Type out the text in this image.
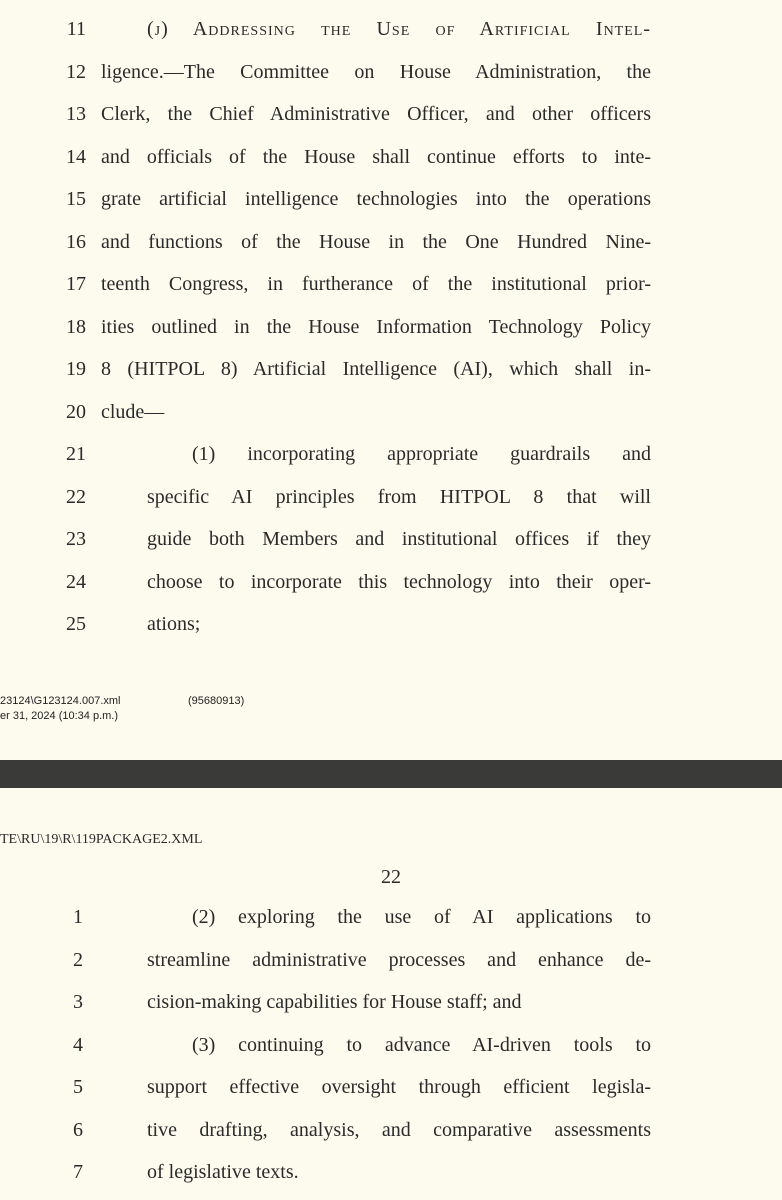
11	(j) Addressing the Use of Artificial Intel-
12 ligence.—The Committee on House Administration, the
13 Clerk, the Chief Administrative Officer, and other officers
14 and officials of the House shall continue efforts to inte-
15 grate artificial intelligence technologies into the operations
16 and functions of the House in the One Hundred Nine-
17 teenth Congress, in furtherance of the institutional prior-
18 ities outlined in the House Information Technology Policy
19 8 (HITPOL 8) Artificial Intelligence (AI), which shall in-
20 clude—
21	(1) incorporating appropriate guardrails and
22	specific AI principles from HITPOL 8 that will
23	guide both Members and institutional offices if they
24	choose to incorporate this technology into their oper-
25	ations;
23124\G123124.007.xml	(95680913)
er 31, 2024 (10:34 p.m.)
TE\RU\19\R\119PACKAGE2.XML
22
1	(2) exploring the use of AI applications to
2	streamline administrative processes and enhance de-
3	cision-making capabilities for House staff; and
4	(3) continuing to advance AI-driven tools to
5	support effective oversight through efficient legisla-
6	tive drafting, analysis, and comparative assessments
7	of legislative texts.
